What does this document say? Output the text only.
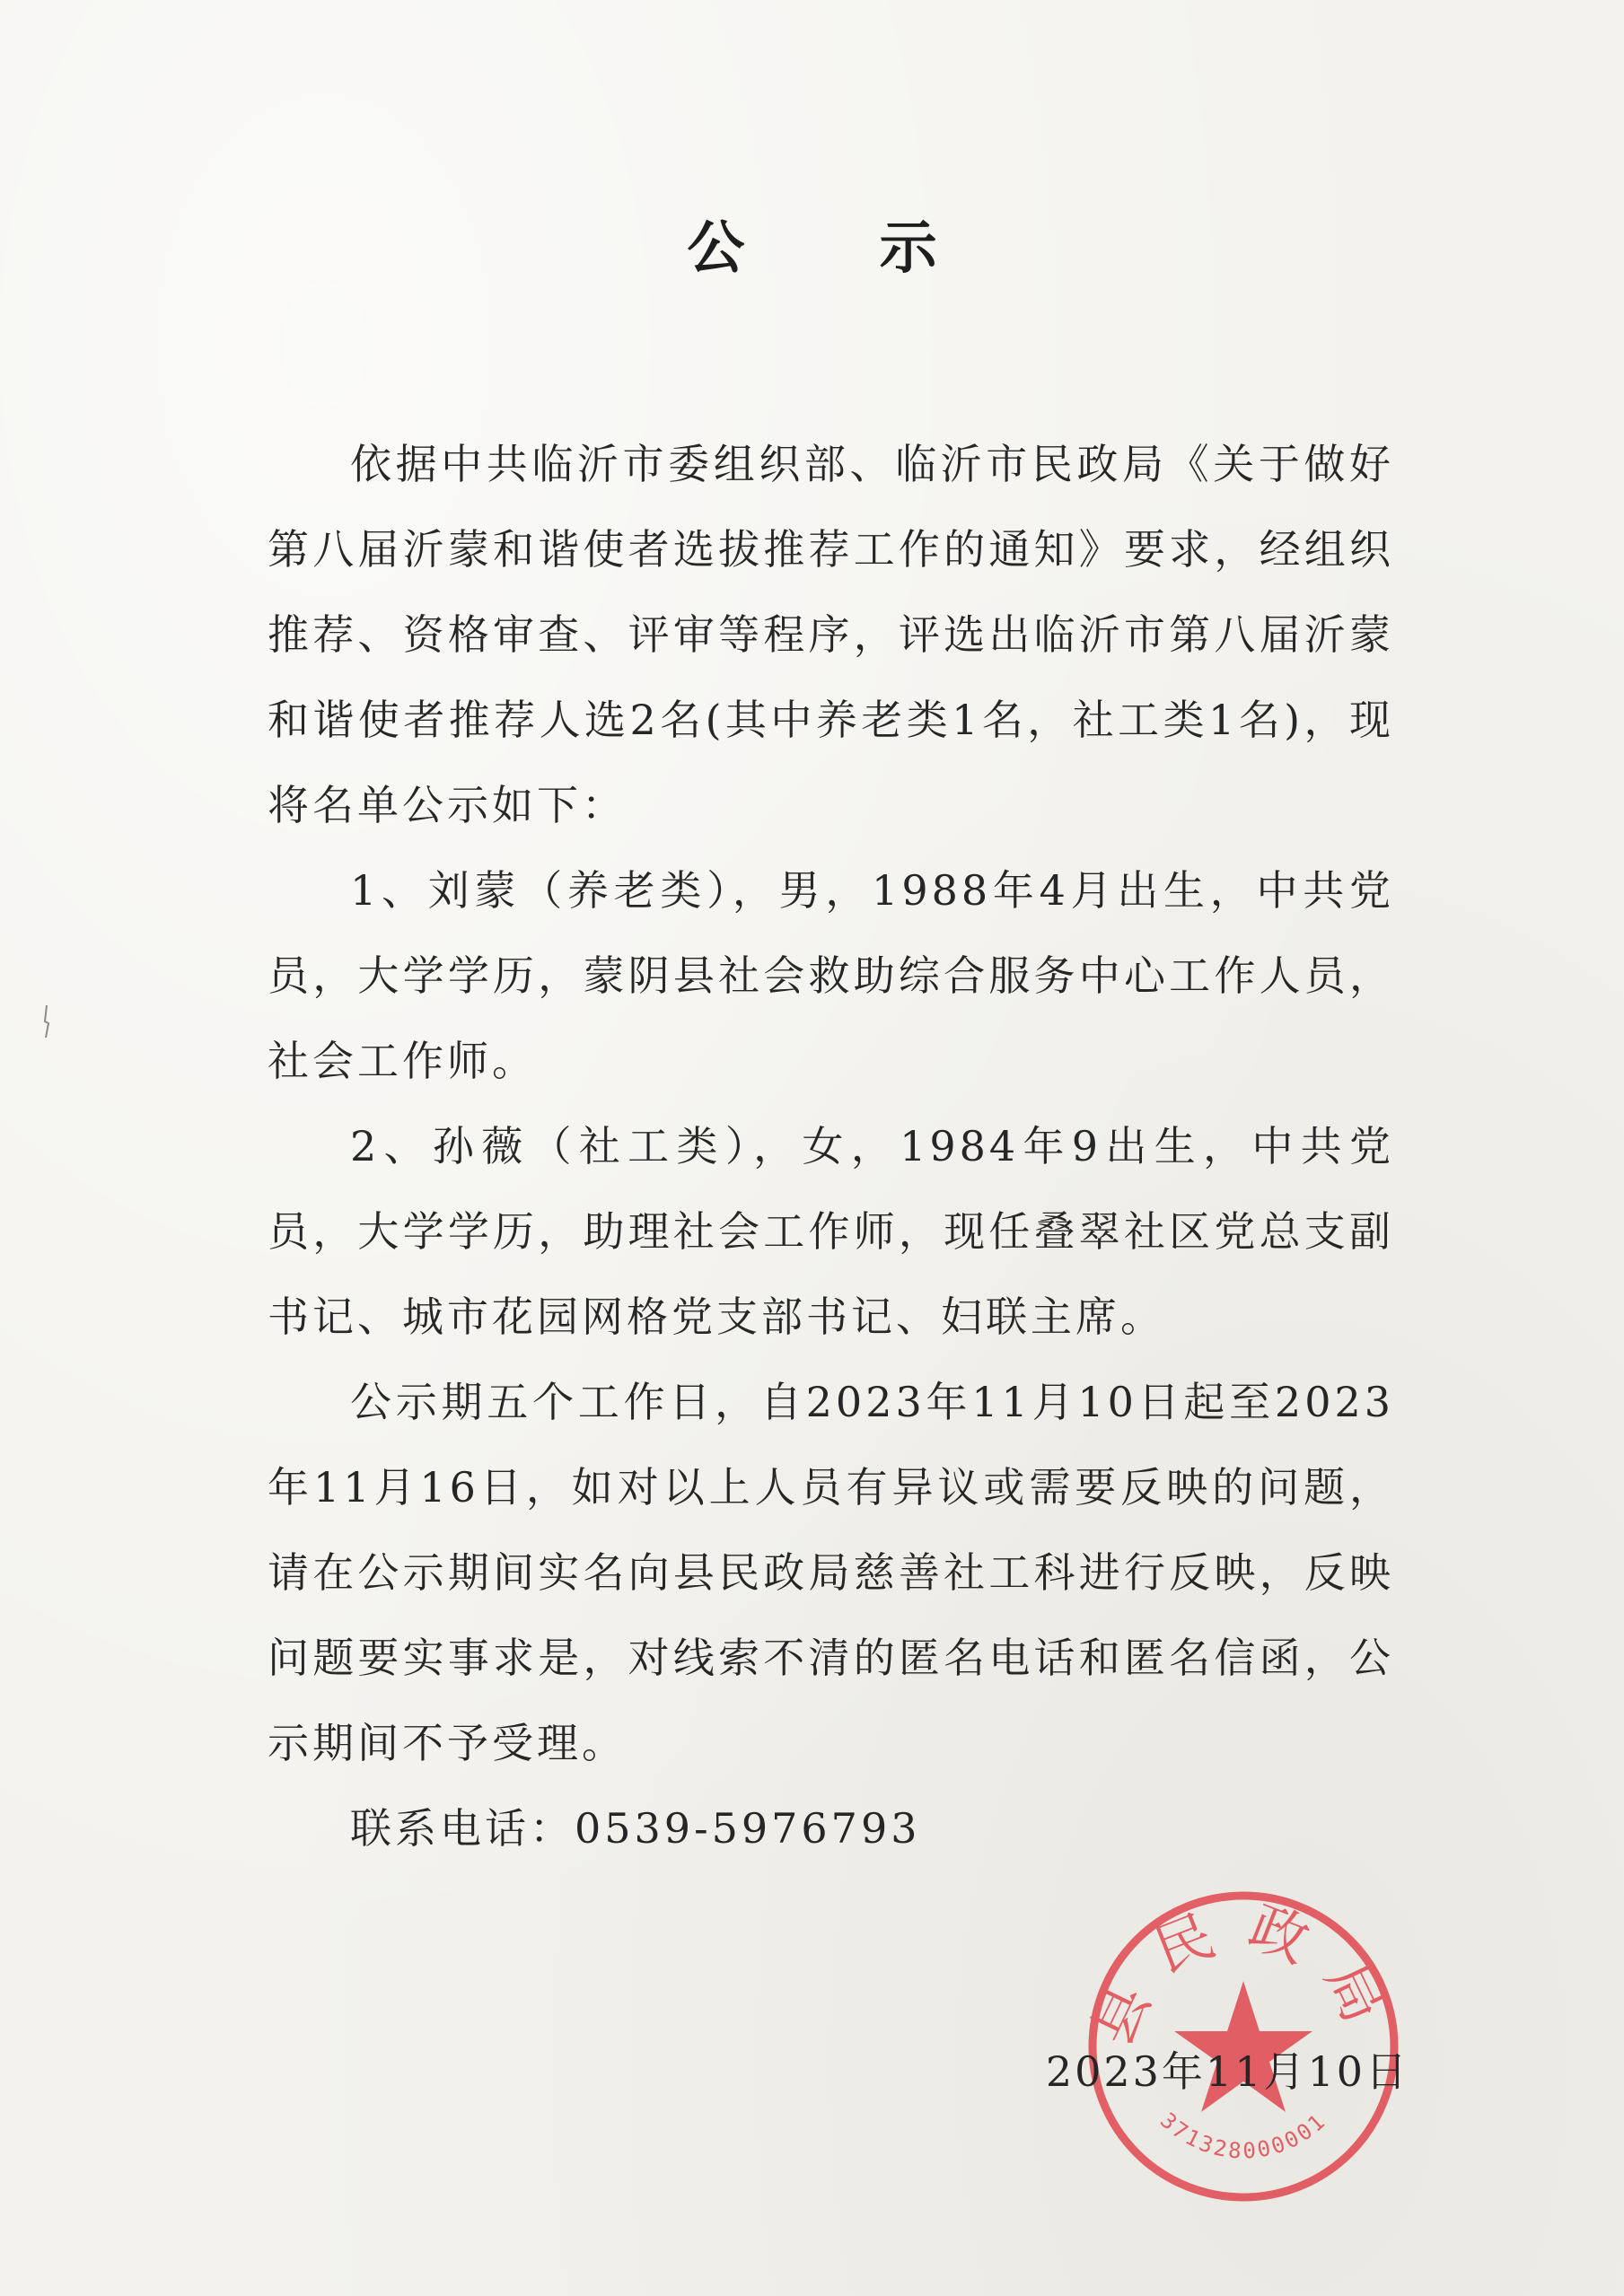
公 示

依据中共临沂市委组织部、临沂市民政局《关于做好第八届沂蒙和谐使者选拔推荐工作的通知》要求，经组织推荐、资格审查、评审等程序，评选出临沂市第八届沂蒙和谐使者推荐人选2名(其中养老类1名，社工类1名)，现将名单公示如下：

1、刘蒙（养老类），男，1988年4月出生，中共党员，大学学历，蒙阴县社会救助综合服务中心工作人员，社会工作师。

2、孙薇（社工类），女，1984年9出生，中共党员，大学学历，助理社会工作师，现任叠翠社区党总支副书记、城市花园网格党支部书记、妇联主席。

公示期五个工作日，自2023年11月10日起至2023年11月16日，如对以上人员有异议或需要反映的问题，请在公示期间实名向县民政局慈善社工科进行反映，反映问题要实事求是，对线索不清的匿名电话和匿名信函，公示期间不予受理。

联系电话：0539-5976793

县民政局
371328000001
2023年11月10日
